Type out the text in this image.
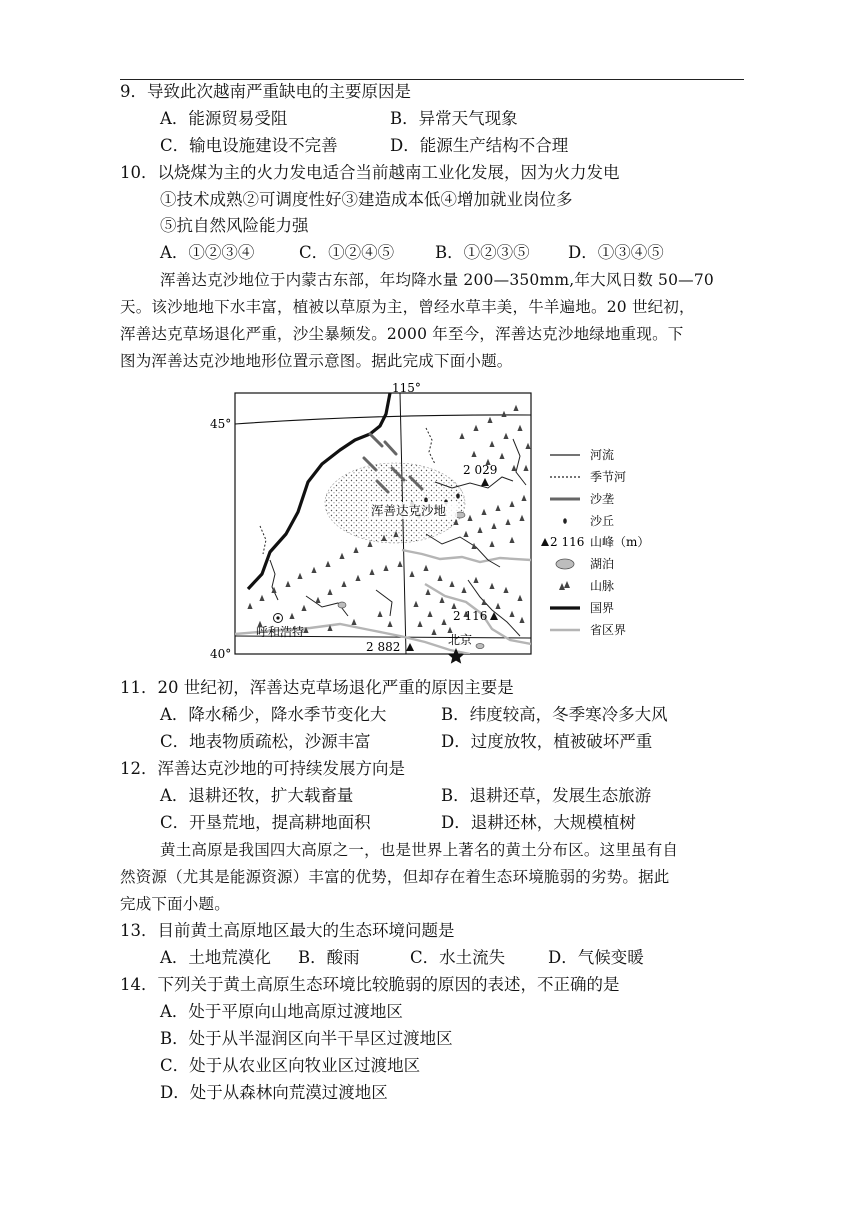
9．导致此次越南严重缺电的主要原因是
A．能源贸易受阻	B．异常天气现象
C．输电设施建设不完善	D．能源生产结构不合理
10．以烧煤为主的火力发电适合当前越南工业化发展，因为火力发电
①技术成熟②可调度性好③建造成本低④增加就业岗位多
⑤抗自然风险能力强
A．①②③④	C．①②④⑤ B．①②③⑤ D．①③④⑤
浑善达克沙地位于内蒙古东部，年均降水量 200—350mm,年大风日数 50—70
天。该沙地地下水丰富，植被以草原为主，曾经水草丰美，牛羊遍地。20 世纪初，
浑善达克草场退化严重，沙尘暴频发。2000 年至今，浑善达克沙地绿地重现。下
图为浑善达克沙地地形位置示意图。据此完成下面小题。
115°
45°
40°
浑善达克沙地
2 029
2 116
2 882
呼和浩特
北京
河流
季节河
沙垄
沙丘
2 116 山峰（m）
湖泊
山脉
国界
省区界
11．20 世纪初，浑善达克草场退化严重的原因主要是
A．降水稀少，降水季节变化大	B．纬度较高，冬季寒冷多大风
C．地表物质疏松，沙源丰富	D．过度放牧，植被破坏严重
12．浑善达克沙地的可持续发展方向是
A．退耕还牧，扩大载畜量	B．退耕还草，发展生态旅游
C．开垦荒地，提高耕地面积	D．退耕还林，大规模植树
黄土高原是我国四大高原之一，也是世界上著名的黄土分布区。这里虽有自
然资源（尤其是能源资源）丰富的优势，但却存在着生态环境脆弱的劣势。据此
完成下面小题。
13．目前黄土高原地区最大的生态环境问题是
A．土地荒漠化 B．酸雨	C．水土流失	D．气候变暖
14．下列关于黄土高原生态环境比较脆弱的原因的表述，不正确的是
A．处于平原向山地高原过渡地区
B．处于从半湿润区向半干旱区过渡地区
C．处于从农业区向牧业区过渡地区
D．处于从森林向荒漠过渡地区
